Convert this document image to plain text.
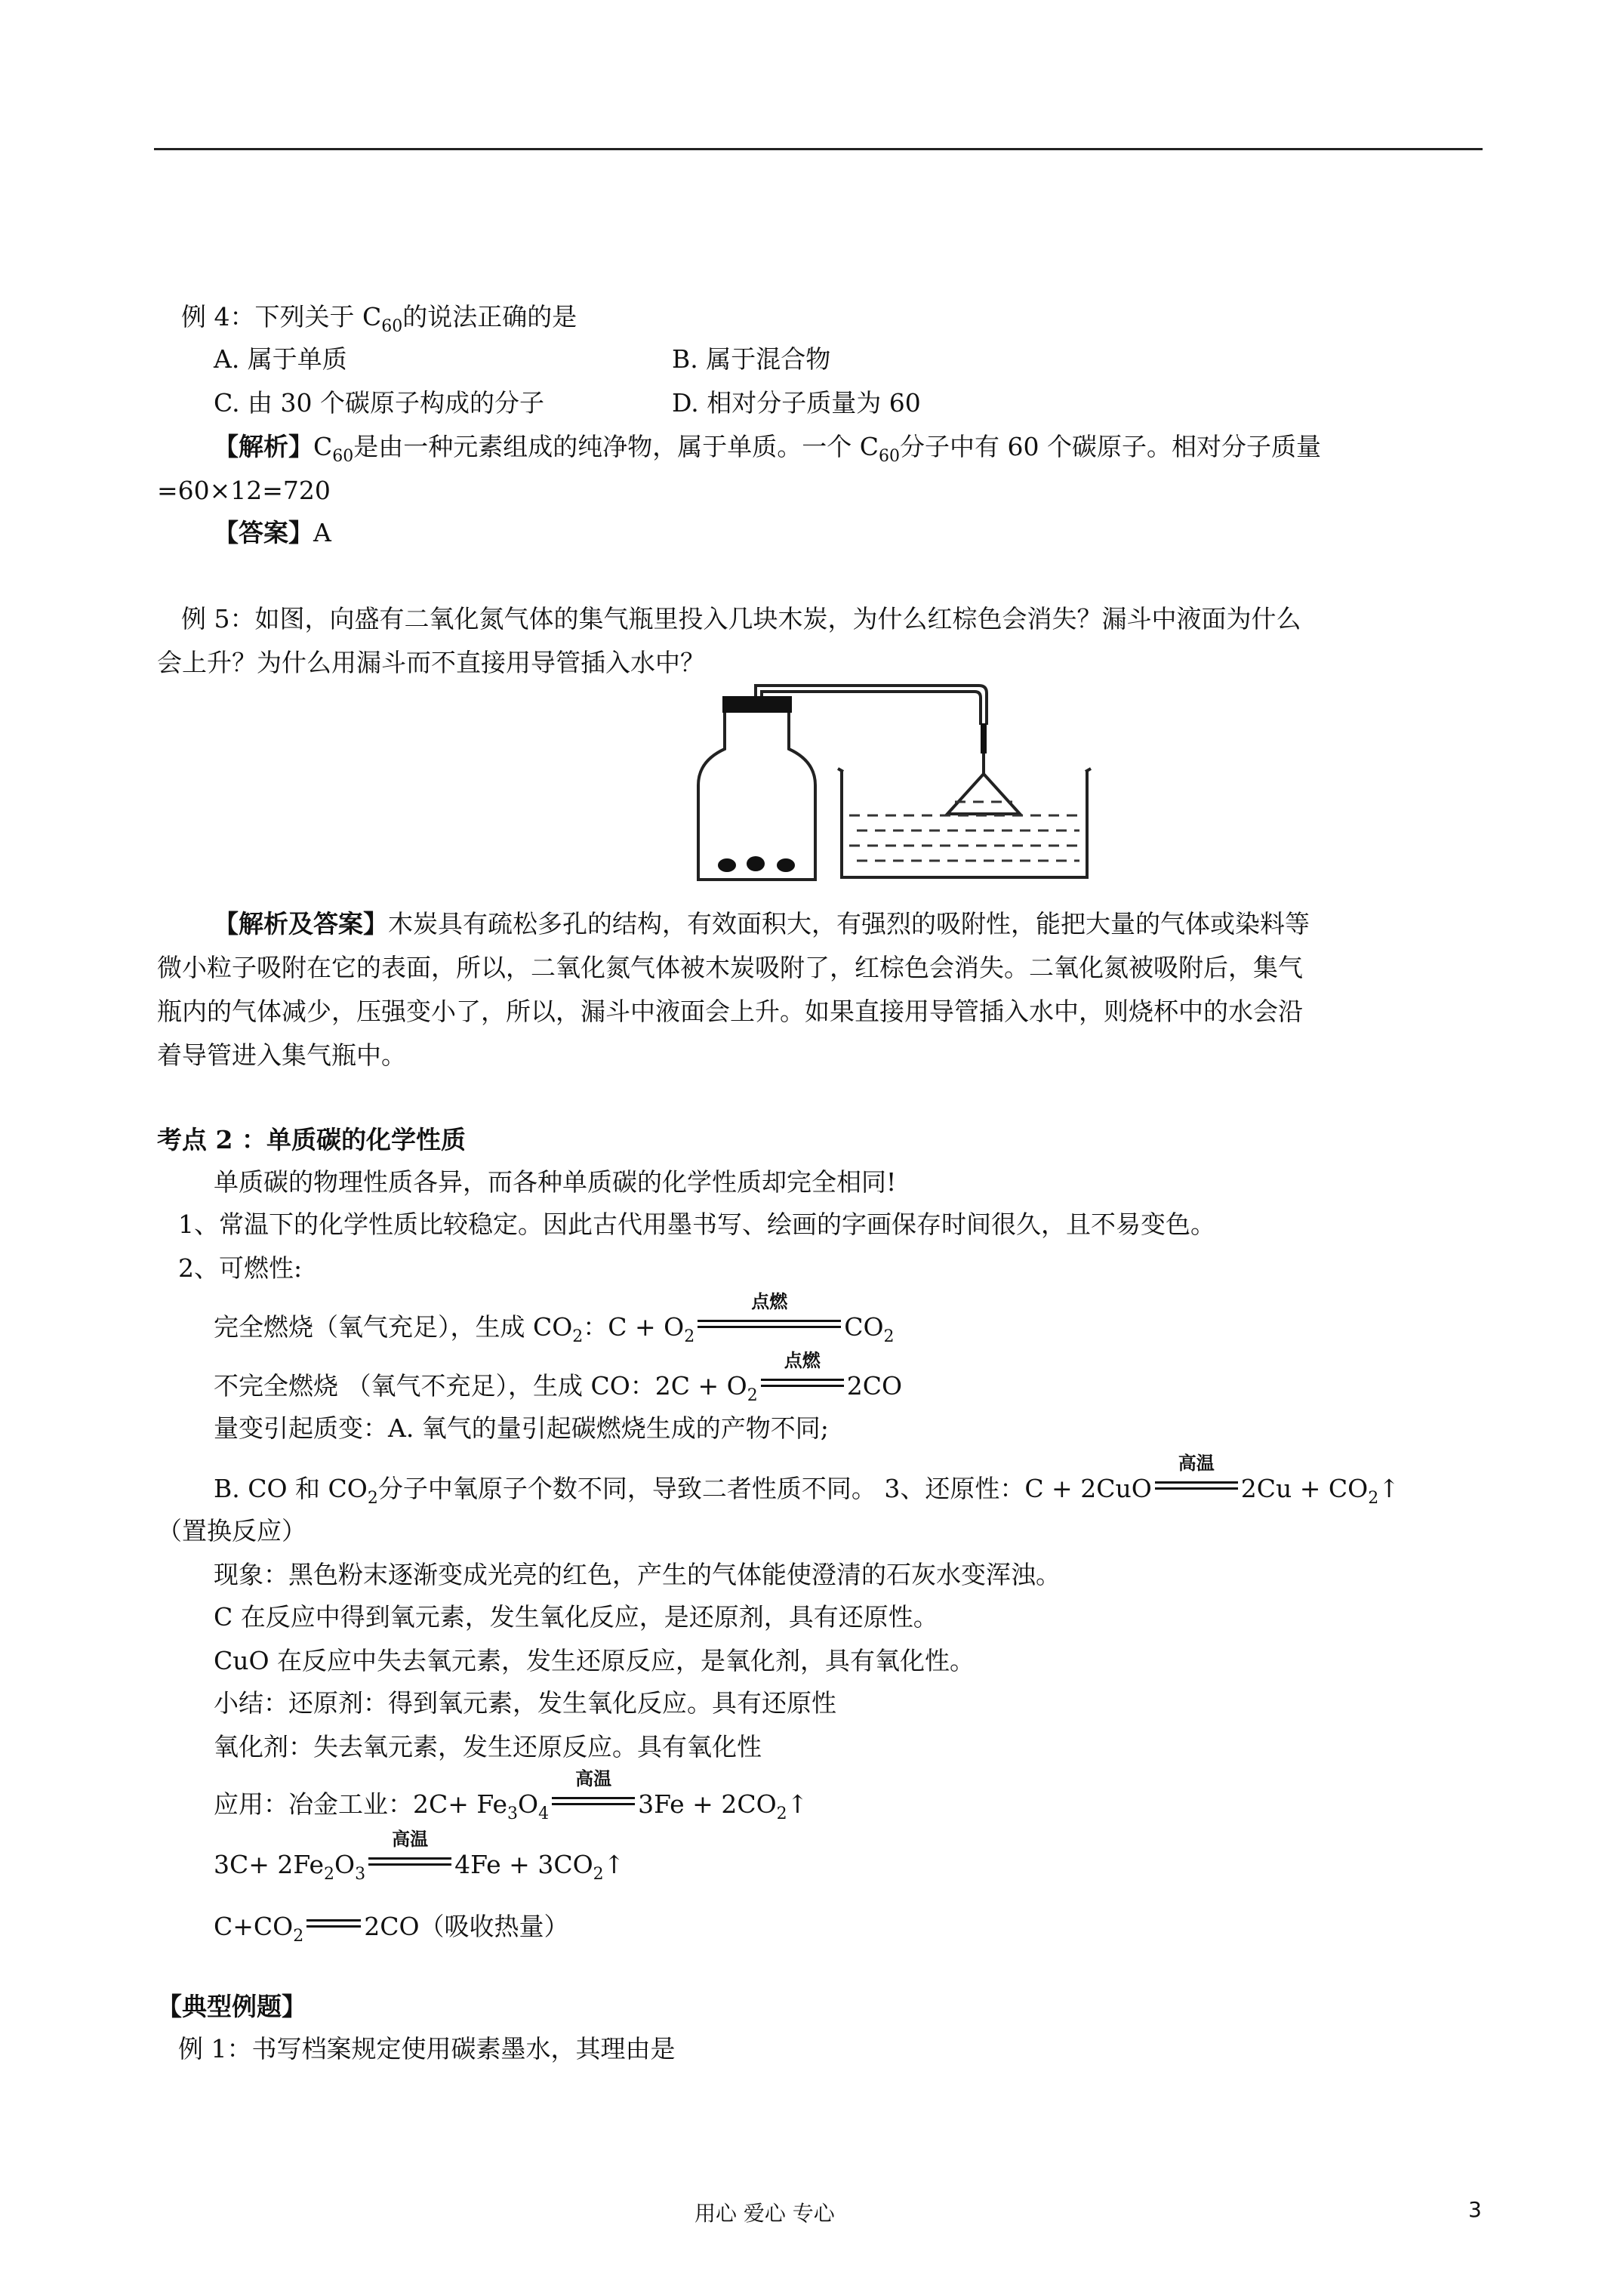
例 4：下列关于 $C_{60}$的说法正确的是
A. 属于单质	B. 属于混合物
C. 由 30 个碳原子构成的分子	D. 相对分子质量为 60
【解析】$C_{60}$是由一种元素组成的纯净物，属于单质。一个 $C_{60}$分子中有 60 个碳原子。相对分子质量
=60×12=720
【答案】A
例 5：如图，向盛有二氧化氮气体的集气瓶里投入几块木炭，为什么红棕色会消失？漏斗中液面为什么
会上升？为什么用漏斗而不直接用导管插入水中？
【解析及答案】木炭具有疏松多孔的结构，有效面积大，有强烈的吸附性，能把大量的气体或染料等
微小粒子吸附在它的表面，所以，二氧化氮气体被木炭吸附了，红棕色会消失。二氧化氮被吸附后，集气
瓶内的气体减少，压强变小了，所以，漏斗中液面会上升。如果直接用导管插入水中，则烧杯中的水会沿
着导管进入集气瓶中。
考点 2 ：单质碳的化学性质
单质碳的物理性质各异，而各种单质碳的化学性质却完全相同!
1、常温下的化学性质比较稳定。因此古代用墨书写、绘画的字画保存时间很久，且不易变色。
2、可燃性:
完全燃烧（氧气充足），生成 $CO_2$：$C + O_2$
点燃
$CO_2$
不完全燃烧 （氧气不充足），生成 CO：$2C + O_2$
点燃
2CO
量变引起质变：A. 氧气的量引起碳燃烧生成的产物不同;
B. CO 和 $CO_2$分子中氧原子个数不同，导致二者性质不同。 3、还原性：C + 2CuO
高温
$2Cu + CO_2↑$
（置换反应）
现象：黑色粉末逐渐变成光亮的红色，产生的气体能使澄清的石灰水变浑浊。
C 在反应中得到氧元素，发生氧化反应，是还原剂，具有还原性。
CuO 在反应中失去氧元素，发生还原反应，是氧化剂，具有氧化性。
小结：还原剂：得到氧元素，发生氧化反应。具有还原性
氧化剂：失去氧元素，发生还原反应。具有氧化性
应用：冶金工业：$2C+ Fe_3O_4$
高温
$3Fe + 2CO_2↑$
$3C+ 2Fe_2O_3$
高温
$4Fe + 3CO_2↑$
$C+CO_2$ 2CO（吸收热量）
【典型例题】
例 1：书写档案规定使用碳素墨水，其理由是
用心 爱心 专心	3
